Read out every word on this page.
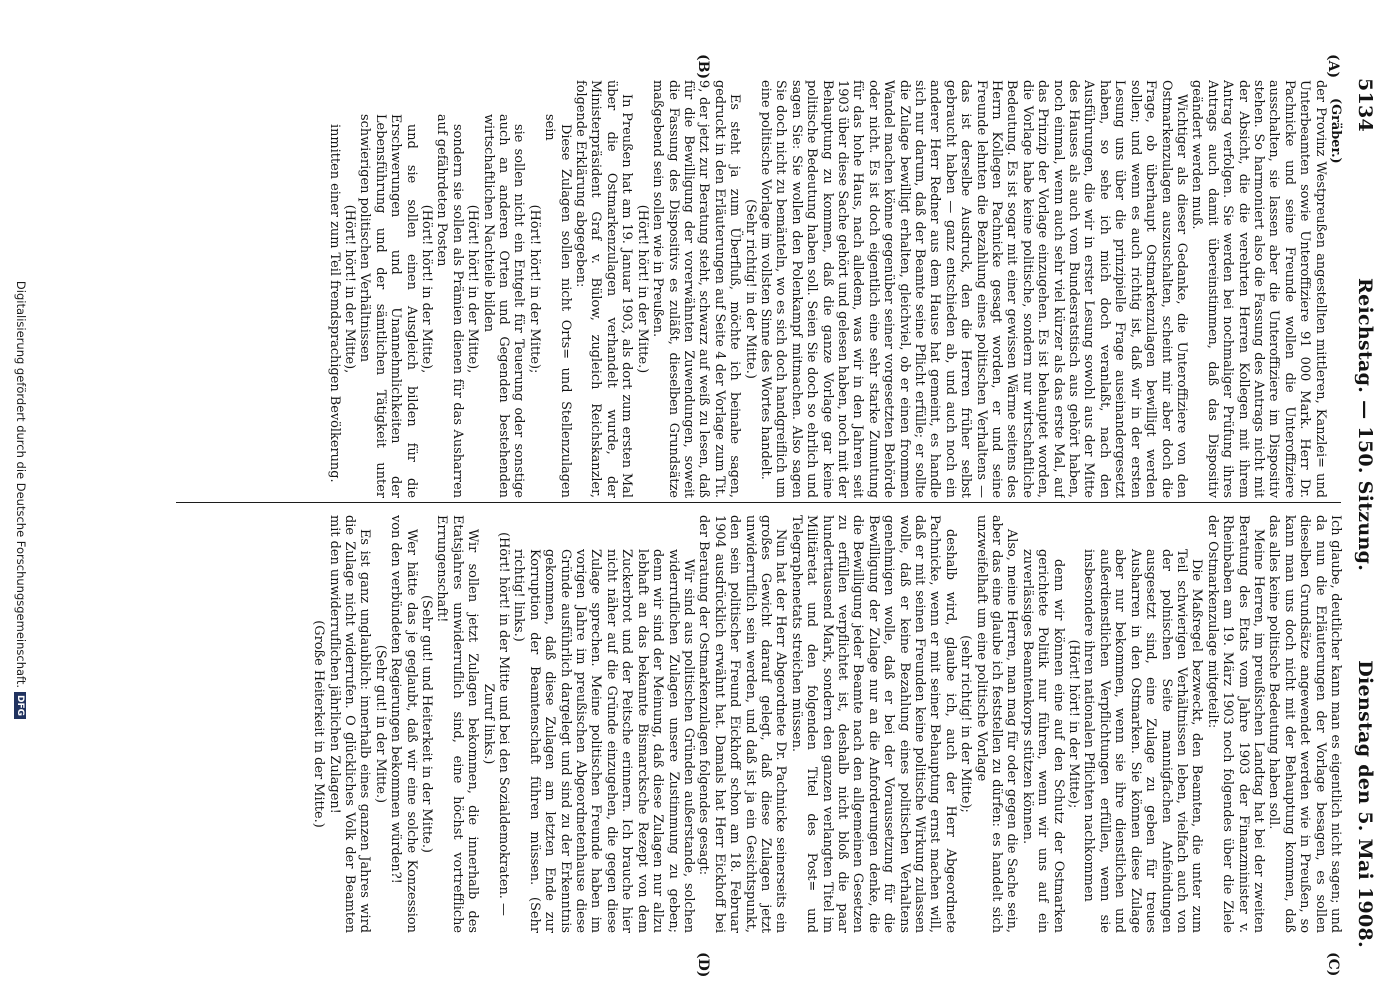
5134
Reichstag. — 150. Sitzung.
Dienstag den 5. Mai 1908.
(A)
(B)
(C)
(D)

(Gräber.)

der Provinz Westpreußen angestellten mittleren, Kanzlei= und Unterbeamten sowie Unteroffiziere 91 000 Mark. Herr Dr. Pachnicke und seine Freunde wollen die Unteroffiziere ausschalten, sie lassen aber die Unteroffiziere im Dispositiv stehen. So harmoniert also die Fassung des Antrags nicht mit der Absicht, die die verehrten Herren Kollegen mit ihrem Antrag verfolgen. Sie werden bei nochmaliger Prüfung ihres Antrags auch damit übereinstimmen, daß das Dispositiv geändert werden muß.

Wichtiger als dieser Gedanke, die Unteroffiziere von den Ostmarkenzulagen auszuschalten, scheint mir aber doch die Frage, ob überhaupt Ostmarkenzulagen bewilligt werden sollen; und wenn es auch richtig ist, daß wir in der ersten Lesung uns über die prinzipielle Frage auseinandergesetzt haben, so sehe ich mich doch veranlaßt, nach den Ausführungen, die wir in erster Lesung sowohl aus der Mitte des Hauses als auch vom Bundesratstisch aus gehört haben, noch einmal, wenn auch sehr viel kürzer als das erste Mal, auf das Prinzip der Vorlage einzugehen. Es ist behauptet worden, die Vorlage habe keine politische, sondern nur wirtschaftliche Bedeutung. Es ist sogar mit einer gewissen Wärme seitens des Herrn Kollegen Pachnicke gesagt worden, er und seine Freunde lehnten die Bezahlung eines politischen Verhaltens — das ist derselbe Ausdruck, den die Herren früher selbst gebraucht haben — ganz entschieden ab, und auch noch ein anderer Herr Redner aus dem Hause hat gemeint, es handle sich nur darum, daß der Beamte seine Pflicht erfülle; er sollte die Zulage bewilligt erhalten, gleichviel, ob er einen frommen Wandel machen könne gegenüber seiner vorgesetzten Behörde oder nicht. Es ist doch eigentlich eine sehr starke Zumutung für das hohe Haus, nach alledem, was wir in den Jahren seit 1903 über diese Sache gehört und gelesen haben, noch mit der Behauptung zu kommen, daß die ganze Vorlage gar keine politische Bedeutung haben soll. Seien Sie doch so ehrlich und sagen Sie: Sie wollen den Polenkampf mitmachen. Also sagen Sie doch nicht zu bemänteln, wo es sich doch handgreiflich um eine politische Vorlage im vollsten Sinne des Wortes handelt.

(Sehr richtig! in der Mitte.)

Es steht ja zum Überfluß, möchte ich beinahe sagen, gedruckt in den Erläuterungen auf Seite 4 der Vorlage zum Tit. 9, der jetzt zur Beratung steht, schwarz auf weiß zu lesen, daß für die Bewilligung der vorerwähnten Zuwendungen, soweit die Fassung des Dispositivs es zuläßt, dieselben Grundsätze maßgebend sein sollen wie in Preußen.

(Hört! hört! in der Mitte.)

In Preußen hat am 19. Januar 1903, als dort zum ersten Mal über die Ostmarkenzulagen verhandelt wurde, der Ministerpräsident Graf v. Bülow, zugleich Reichskanzler, folgende Erklärung abgegeben:

Diese Zulagen sollen nicht Orts= und Stellenzulagen sein

(Hört! hört! in der Mitte);

sie sollen nicht ein Entgelt für Teuerung oder sonstige auch an anderen Orten und Gegenden bestehenden wirtschaftlichen Nachteile bilden

(Hört! hört! in der Mitte),

sondern sie sollen als Prämien dienen für das Ausharren auf gefährdeten Posten

(Hört! hört! in der Mitte),

und sie sollen einen Ausgleich bilden für die Erschwerungen und Unannehmlichkeiten der Lebensführung und der sämtlichen Tätigkeit unter schwierigen politischen Verhältnissen

(Hört! hört! in der Mitte),

inmitten einer zum Teil fremdsprachigen Bevölkerung.

Ich glaube, deutlicher kann man es eigentlich nicht sagen; und da nun die Erläuterungen der Vorlage besagen, es sollen dieselben Grundsätze angewendet werden wie in Preußen, so kann man uns doch nicht mit der Behauptung kommen, daß das alles keine politische Bedeutung haben soll.

Meine Herren, im preußischen Landtag hat bei der zweiten Beratung des Etats vom Jahre 1903 der Finanzminister v. Rheinbaben am 19. März 1903 noch folgendes über die Ziele der Ostmarkenzulage mitgeteilt:

Die Maßregel bezweckt, den Beamten, die unter zum Teil schwierigen Verhältnissen leben, vielfach auch von der polnischen Seite mannigfachen Anfeindungen ausgesetzt sind, eine Zulage zu geben für treues Ausharren in den Ostmarken. Sie können diese Zulage aber nur bekommen, wenn sie ihre dienstlichen und außerdienstlichen Verpflichtungen erfüllen, wenn sie insbesondere ihren nationalen Pflichten nachkommen

(Hört! hört! in der Mitte);

denn wir können eine auf den Schutz der Ostmarken gerichtete Politik nur führen, wenn wir uns auf ein zuverlässiges Beamtenkorps stützen können.

Also, meine Herren, man mag für oder gegen die Sache sein, aber das eine glaube ich feststellen zu dürfen: es handelt sich unzweifelhaft um eine politische Vorlage

(sehr richtig! in der Mitte);

deshalb wird, glaube ich, auch der Herr Abgeordnete Pachnicke, wenn er mit seiner Behauptung ernst machen will, daß er mit seinen Freunden keine politische Wirkung zulassen wolle, daß er keine Bezahlung eines politischen Verhaltens genehmigen wolle, daß er bei der Voraussetzung für die Bewilligung der Zulage nur an die Anforderungen denke, die die Bewilligung jeder Beamte nach den allgemeinen Gesetzen zu erfüllen verpflichtet ist, deshalb nicht bloß die paar hunderttausend Mark, sondern den ganzen verlangten Titel im Militäretat und den folgenden Titel des Post= und Telegraphenetats streichen müssen.

Nun hat der Herr Abgeordnete Dr. Pachnicke seinerseits ein großes Gewicht darauf gelegt, daß diese Zulagen jetzt unwiderruflich sein werden, und daß ist ja ein Gesichtspunkt, den sein politischer Freund Eickhoff schon am 18. Februar 1904 ausdrücklich erwähnt hat. Damals hat Herr Eickhoff bei der Beratung der Ostmarkenzulagen folgendes gesagt:

Wir sind aus politischen Gründen außerstande, solchen widerruflichen Zulagen unsere Zustimmung zu geben; denn wir sind der Meinung, daß diese Zulagen nur allzu lebhaft an das bekannte Bismarcksche Rezept von dem Zuckerbrot und der Peitsche erinnern. Ich brauche hier nicht näher auf die Gründe einzugehen, die gegen diese Zulage sprechen. Meine politischen Freunde haben im vorigen Jahre im preußischen Abgeordnetenhause diese Gründe ausführlich dargelegt und sind zu der Erkenntnis gekommen, daß diese Zulagen am letzten Ende zur Korruption der Beamtenschaft führen müssen. (Sehr richtig! links.)

(Hört! hört! in der Mitte und bei den Sozialdemokraten. — Zuruf links.)

Wir sollen jetzt Zulagen bekommen, die innerhalb des Etatsjahres unwiderruflich sind, eine höchst vortreffliche Errungenschaft!

(Sehr gut! und Heiterkeit in der Mitte.)

Wer hätte das je geglaubt, daß wir eine solche Konzession von den verbündeten Regierungen bekommen würden?!

(Sehr gut! in der Mitte.)

Es ist ganz unglaublich: innerhalb eines ganzen Jahres wird die Zulage nicht widerrufen. O glückliches Volk der Beamten mit den unwiderruflichen jährlichen Zulagen!

(Große Heiterkeit in der Mitte.)

Digitalisierung gefördert durch die Deutsche Forschungsgemeinschaft.DFG
